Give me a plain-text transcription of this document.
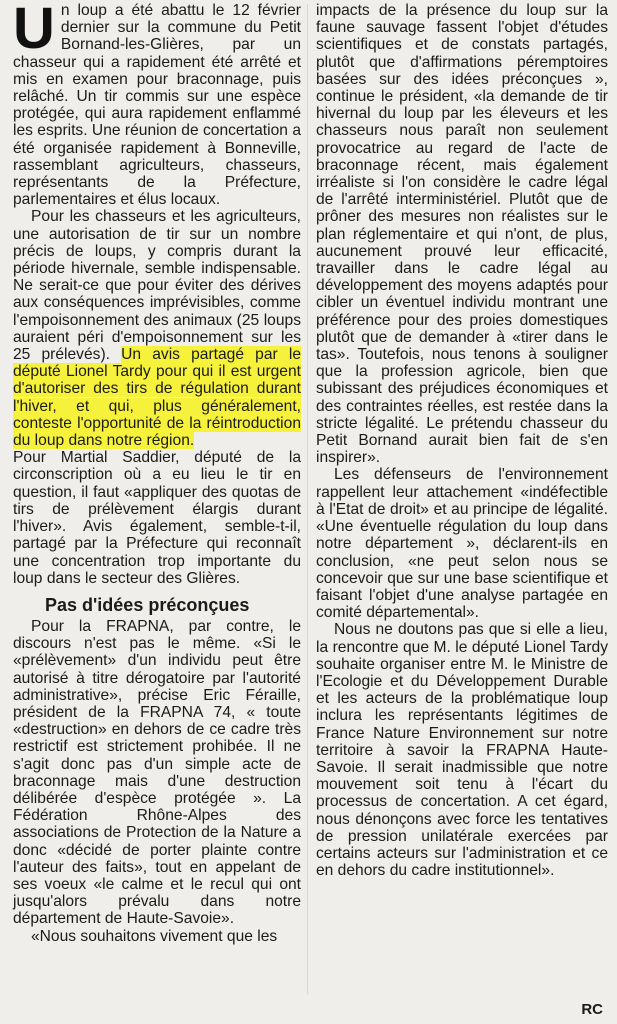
Un loup a été abattu le 12 février dernier sur la commune du Petit Bornand-les-Glières, par un chasseur qui a rapidement été arrêté et mis en examen pour braconnage, puis relâché. Un tir commis sur une espèce protégée, qui aura rapidement enflammé les esprits. Une réunion de concertation a été organisée rapidement à Bonneville, rassemblant agriculteurs, chasseurs, représentants de la Préfecture, parlementaires et élus locaux.

Pour les chasseurs et les agriculteurs, une autorisation de tir sur un nombre précis de loups, y compris durant la période hivernale, semble indispensable. Ne serait-ce que pour éviter des dérives aux conséquences imprévisibles, comme l'empoisonnement des animaux (25 loups auraient péri d'empoisonnement sur les 25 prélevés). Un avis partagé par le député Lionel Tardy pour qui il est urgent d'autoriser des tirs de régulation durant l'hiver, et qui, plus généralement, conteste l'opportunité de la réintroduction du loup dans notre région.

Pour Martial Saddier, député de la circonscription où a eu lieu le tir en question, il faut «appliquer des quotas de tirs de prélèvement élargis durant l'hiver». Avis également, semble-t-il, partagé par la Préfecture qui reconnaît une concentration trop importante du loup dans le secteur des Glières.

Pas d'idées préconçues

Pour la FRAPNA, par contre, le discours n'est pas le même. «Si le «prélèvement» d'un individu peut être autorisé à titre dérogatoire par l'autorité administrative», précise Eric Féraille, président de la FRAPNA 74, « toute «destruction» en dehors de ce cadre très restrictif est strictement prohibée. Il ne s'agit donc pas d'un simple acte de braconnage mais d'une destruction délibérée d'espèce protégée ». La Fédération Rhône-Alpes des associations de Protection de la Nature a donc «décidé de porter plainte contre l'auteur des faits», tout en appelant de ses voeux «le calme et le recul qui ont jusqu'alors prévalu dans notre département de Haute-Savoie».

«Nous souhaitons vivement que les

impacts de la présence du loup sur la faune sauvage fassent l'objet d'études scientifiques et de constats partagés, plutôt que d'affirmations péremptoires basées sur des idées préconçues », continue le président, «la demande de tir hivernal du loup par les éleveurs et les chasseurs nous paraît non seulement provocatrice au regard de l'acte de braconnage récent, mais également irréaliste si l'on considère le cadre légal de l'arrêté interministériel. Plutôt que de prôner des mesures non réalistes sur le plan réglementaire et qui n'ont, de plus, aucunement prouvé leur efficacité, travailler dans le cadre légal au développement des moyens adaptés pour cibler un éventuel individu montrant une préférence pour des proies domestiques plutôt que de demander à «tirer dans le tas». Toutefois, nous tenons à souligner que la profession agricole, bien que subissant des préjudices économiques et des contraintes réelles, est restée dans la stricte légalité. Le prétendu chasseur du Petit Bornand aurait bien fait de s'en inspirer».

Les défenseurs de l'environnement rappellent leur attachement «indéfectible à l'Etat de droit» et au principe de légalité. «Une éventuelle régulation du loup dans notre département », déclarent-ils en conclusion, «ne peut selon nous se concevoir que sur une base scientifique et faisant l'objet d'une analyse partagée en comité départemental».

Nous ne doutons pas que si elle a lieu, la rencontre que M. le député Lionel Tardy souhaite organiser entre M. le Ministre de l'Ecologie et du Développement Durable et les acteurs de la problématique loup inclura les représentants légitimes de France Nature Environnement sur notre territoire à savoir la FRAPNA Haute-Savoie. Il serait inadmissible que notre mouvement soit tenu à l'écart du processus de concertation. A cet égard, nous dénonçons avec force les tentatives de pression unilatérale exercées par certains acteurs sur l'administration et ce en dehors du cadre institutionnel».

RC
